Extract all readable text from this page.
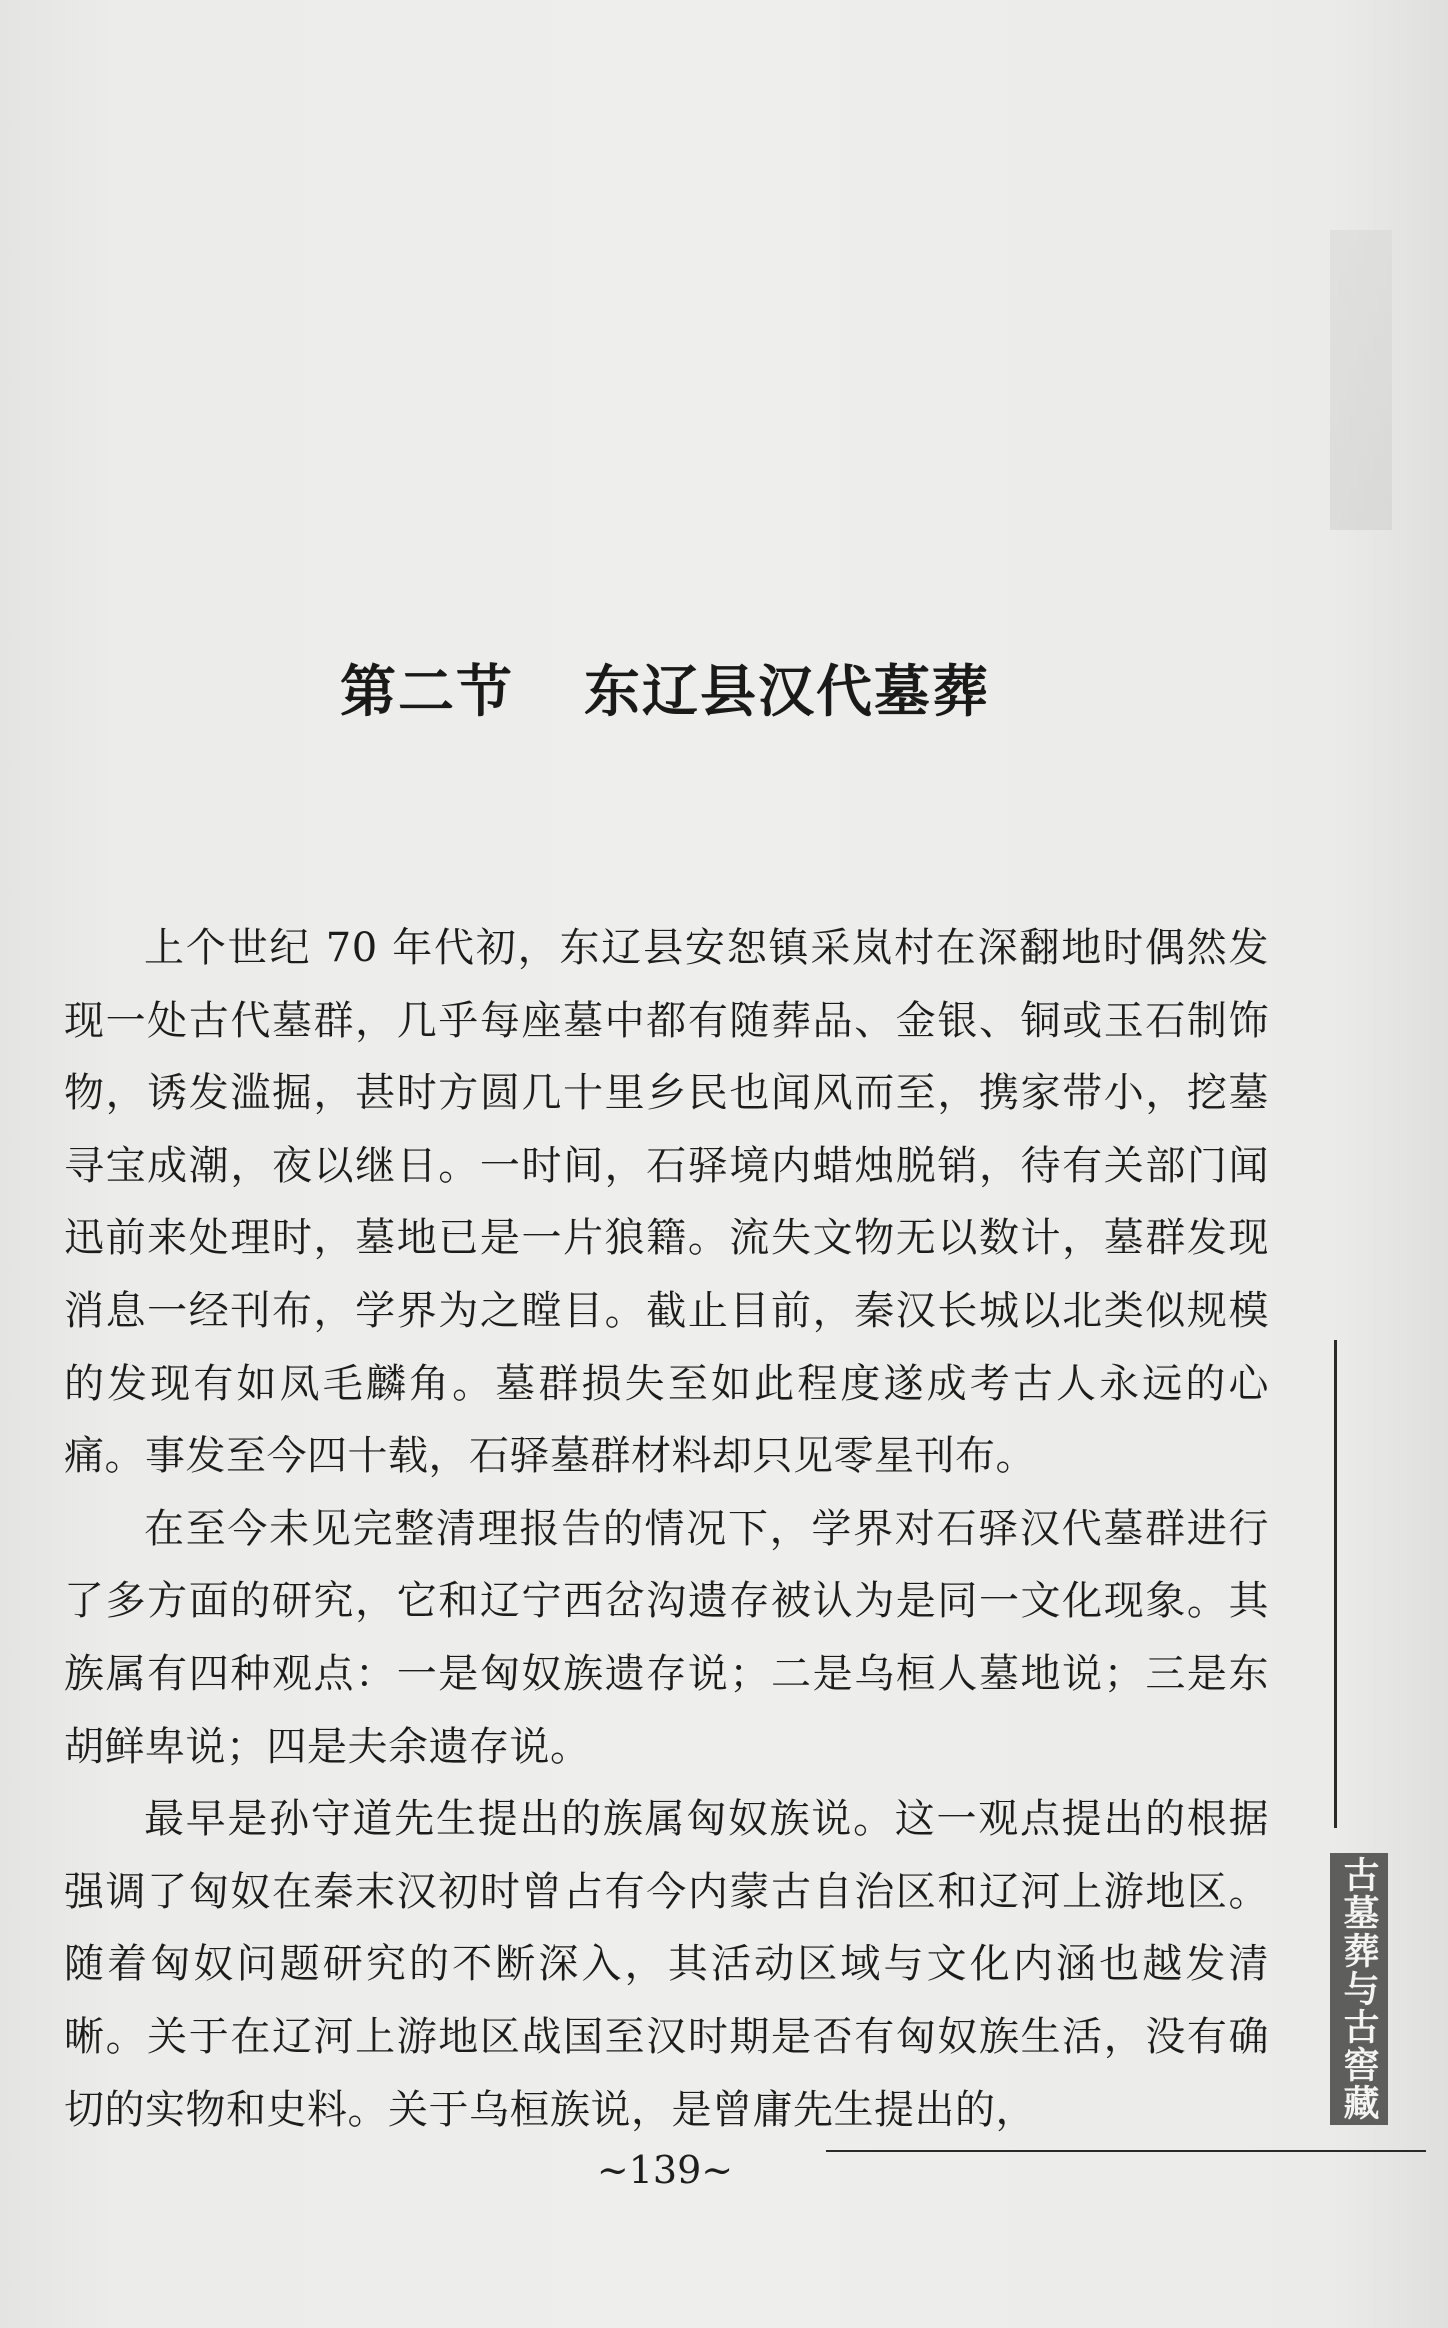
第二节 东辽县汉代墓葬

上个世纪 70 年代初，东辽县安恕镇采岚村在深翻地时偶然发现一处古代墓群，几乎每座墓中都有随葬品、金银、铜或玉石制饰物，诱发滥掘，甚时方圆几十里乡民也闻风而至，携家带小，挖墓寻宝成潮，夜以继日。一时间，石驿境内蜡烛脱销，待有关部门闻迅前来处理时，墓地已是一片狼籍。流失文物无以数计，墓群发现消息一经刊布，学界为之瞠目。截止目前，秦汉长城以北类似规模的发现有如凤毛麟角。墓群损失至如此程度遂成考古人永远的心痛。事发至今四十载，石驿墓群材料却只见零星刊布。

在至今未见完整清理报告的情况下，学界对石驿汉代墓群进行了多方面的研究，它和辽宁西岔沟遗存被认为是同一文化现象。其族属有四种观点：一是匈奴族遗存说；二是乌桓人墓地说；三是东胡鲜卑说；四是夫余遗存说。

最早是孙守道先生提出的族属匈奴族说。这一观点提出的根据强调了匈奴在秦末汉初时曾占有今内蒙古自治区和辽河上游地区。随着匈奴问题研究的不断深入，其活动区域与文化内涵也越发清晰。关于在辽河上游地区战国至汉时期是否有匈奴族生活，没有确切的实物和史料。关于乌桓族说，是曾庸先生提出的，	古墓葬与古窖藏
~139~
